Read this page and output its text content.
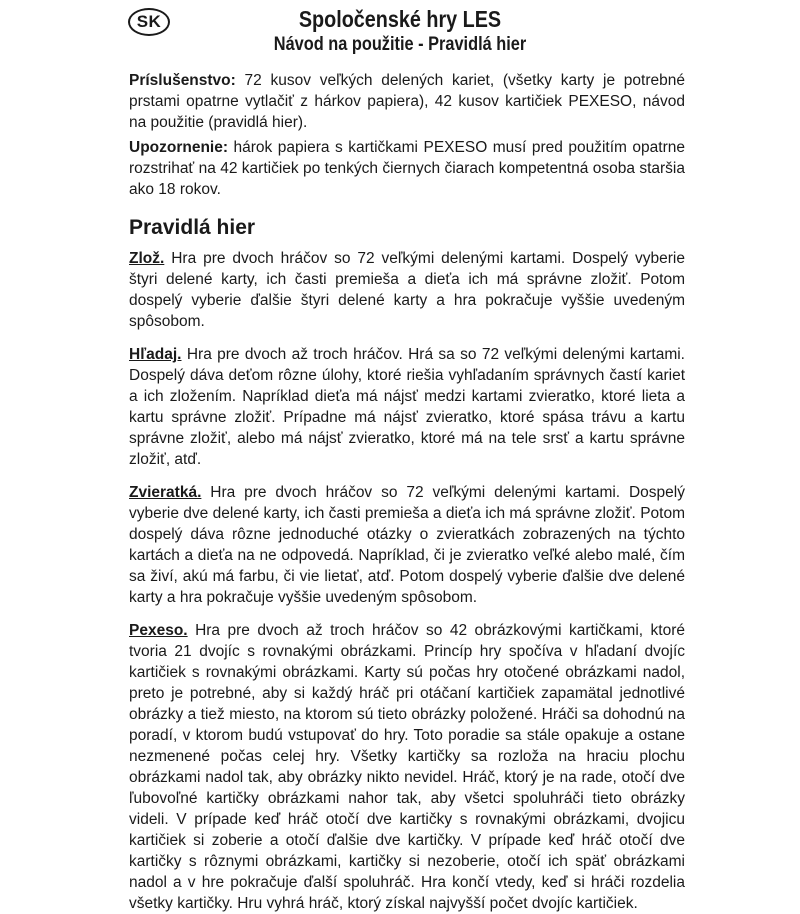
SK	Spoločenské hry LES
Návod na použitie - Pravidlá hier

Príslušenstvo: 72 kusov veľkých delených kariet, (všetky karty je potrebné prstami opatrne vytlačiť z hárkov papiera), 42 kusov kartičiek PEXESO, návod na použitie (pravidlá hier).

Upozornenie: hárok papiera s kartičkami PEXESO musí pred použitím opatrne rozstrihať na 42 kartičiek po tenkých čiernych čiarach kompetentná osoba staršia ako 18 rokov.

Pravidlá hier

Zlož. Hra pre dvoch hráčov so 72 veľkými delenými kartami. Dospelý vyberie štyri delené karty, ich časti premieša a dieťa ich má správne zložiť. Potom dospelý vyberie ďalšie štyri delené karty a hra pokračuje vyššie uvedeným spôsobom.

Hľadaj. Hra pre dvoch až troch hráčov. Hrá sa so 72 veľkými delenými kartami. Dospelý dáva deťom rôzne úlohy, ktoré riešia vyhľadaním správnych častí kariet a ich zložením. Napríklad dieťa má nájsť medzi kartami zvieratko, ktoré lieta a kartu správne zložiť. Prípadne má nájsť zvieratko, ktoré spása trávu a kartu správne zložiť, alebo má nájsť zvieratko, ktoré má na tele srsť a kartu správne zložiť, atď.

Zvieratká. Hra pre dvoch hráčov so 72 veľkými delenými kartami. Dospelý vyberie dve delené karty, ich časti premieša a dieťa ich má správne zložiť. Potom dospelý dáva rôzne jednoduché otázky o zvieratkách zobrazených na týchto kartách a dieťa na ne odpovedá. Napríklad, či je zvieratko veľké alebo malé, čím sa živí, akú má farbu, či vie lietať, atď. Potom dospelý vyberie ďalšie dve delené karty a hra pokračuje vyššie uvedeným spôsobom.

Pexeso. Hra pre dvoch až troch hráčov so 42 obrázkovými kartičkami, ktoré tvoria 21 dvojíc s rovnakými obrázkami. Princíp hry spočíva v hľadaní dvojíc kartičiek s rovnakými obrázkami. Karty sú počas hry otočené obrázkami nadol, preto je potrebné, aby si každý hráč pri otáčaní kartičiek zapamätal jednotlivé obrázky a tiež miesto, na ktorom sú tieto obrázky položené. Hráči sa dohodnú na poradí, v ktorom budú vstupovať do hry. Toto poradie sa stále opakuje a ostane nezmenené počas celej hry. Všetky kartičky sa rozloža na hraciu plochu obrázkami nadol tak, aby obrázky nikto nevidel. Hráč, ktorý je na rade, otočí dve ľubovoľné kartičky obrázkami nahor tak, aby všetci spoluhráči tieto obrázky videli. V prípade keď hráč otočí dve kartičky s rovnakými obrázkami, dvojicu kartičiek si zoberie a otočí ďalšie dve kartičky. V prípade keď hráč otočí dve kartičky s rôznymi obrázkami, kartičky si nezoberie, otočí ich späť obrázkami nadol a v hre pokračuje ďalší spoluhráč. Hra končí vtedy, keď si hráči rozdelia všetky kartičky. Hru vyhrá hráč, ktorý získal najvyšší počet dvojíc kartičiek.
